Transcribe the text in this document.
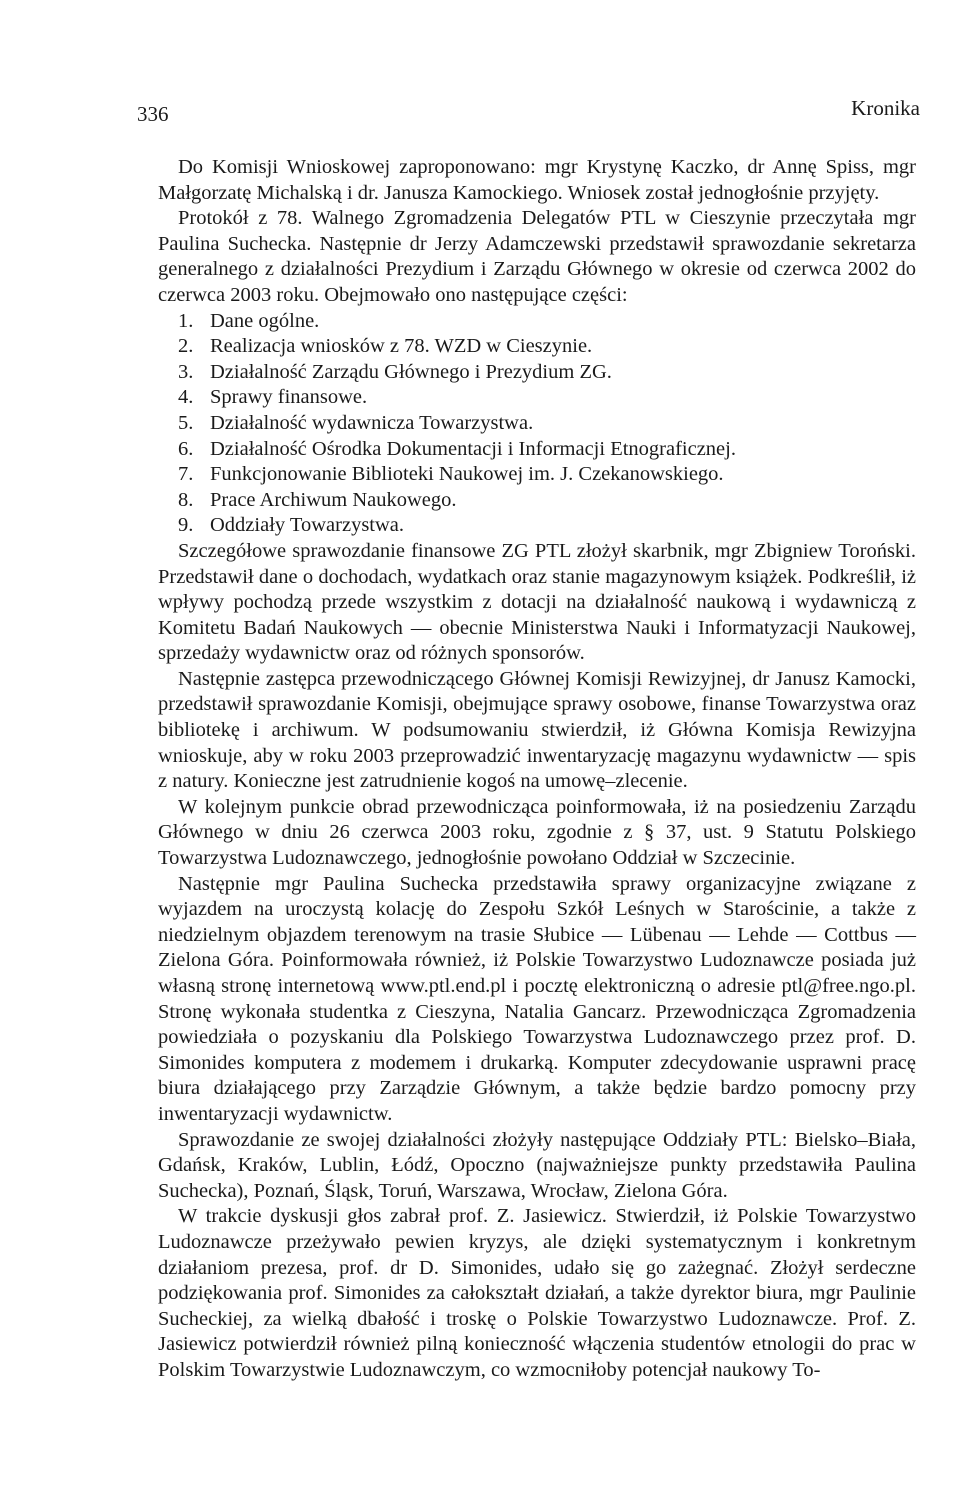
336	Kronika

Do Komisji Wnioskowej zaproponowano: mgr Krystynę Kaczko, dr Annę Spiss, mgr Małgorzatę Michalską i dr. Janusza Kamockiego. Wniosek został jednogłośnie przyjęty.

Protokół z 78. Walnego Zgromadzenia Delegatów PTL w Cieszynie przeczytała mgr Paulina Suchecka. Następnie dr Jerzy Adamczewski przedstawił sprawozdanie sekretarza generalnego z działalności Prezydium i Zarządu Głównego w okresie od czerwca 2002 do czerwca 2003 roku. Obejmowało ono następujące części:

1. Dane ogólne.
2. Realizacja wniosków z 78. WZD w Cieszynie.
3. Działalność Zarządu Głównego i Prezydium ZG.
4. Sprawy finansowe.
5. Działalność wydawnicza Towarzystwa.
6. Działalność Ośrodka Dokumentacji i Informacji Etnograficznej.
7. Funkcjonowanie Biblioteki Naukowej im. J. Czekanowskiego.
8. Prace Archiwum Naukowego.
9. Oddziały Towarzystwa.

Szczegółowe sprawozdanie finansowe ZG PTL złożył skarbnik, mgr Zbigniew Toroński. Przedstawił dane o dochodach, wydatkach oraz stanie magazynowym książek. Podkreślił, iż wpływy pochodzą przede wszystkim z dotacji na działalność naukową i wydawniczą z Komitetu Badań Naukowych — obecnie Ministerstwa Nauki i Informatyzacji Naukowej, sprzedaży wydawnictw oraz od różnych sponsorów.

Następnie zastępca przewodniczącego Głównej Komisji Rewizyjnej, dr Janusz Kamocki, przedstawił sprawozdanie Komisji, obejmujące sprawy osobowe, finanse Towarzystwa oraz bibliotekę i archiwum. W podsumowaniu stwierdził, iż Główna Komisja Rewizyjna wnioskuje, aby w roku 2003 przeprowadzić inwentaryzację magazynu wydawnictw — spis z natury. Konieczne jest zatrudnienie kogoś na umowę–zlecenie.

W kolejnym punkcie obrad przewodnicząca poinformowała, iż na posiedzeniu Zarządu Głównego w dniu 26 czerwca 2003 roku, zgodnie z § 37, ust. 9 Statutu Polskiego Towarzystwa Ludoznawczego, jednogłośnie powołano Oddział w Szczecinie.

Następnie mgr Paulina Suchecka przedstawiła sprawy organizacyjne związane z wyjazdem na uroczystą kolację do Zespołu Szkół Leśnych w Starościnie, a także z niedzielnym objazdem terenowym na trasie Słubice — Lübenau — Lehde — Cottbus — Zielona Góra. Poinformowała również, iż Polskie Towarzystwo Ludoznawcze posiada już własną stronę internetową www.ptl.end.pl i pocztę elektroniczną o adresie ptl@free.ngo.pl. Stronę wykonała studentka z Cieszyna, Natalia Gancarz. Przewodnicząca Zgromadzenia powiedziała o pozyskaniu dla Polskiego Towarzystwa Ludoznawczego przez prof. D. Simonides komputera z modemem i drukarką. Komputer zdecydowanie usprawni pracę biura działającego przy Zarządzie Głównym, a także będzie bardzo pomocny przy inwentaryzacji wydawnictw.

Sprawozdanie ze swojej działalności złożyły następujące Oddziały PTL: Bielsko–Biała, Gdańsk, Kraków, Lublin, Łódź, Opoczno (najważniejsze punkty przedstawiła Paulina Suchecka), Poznań, Śląsk, Toruń, Warszawa, Wrocław, Zielona Góra.

W trakcie dyskusji głos zabrał prof. Z. Jasiewicz. Stwierdził, iż Polskie Towarzystwo Ludoznawcze przeżywało pewien kryzys, ale dzięki systematycznym i konkretnym działaniom prezesa, prof. dr D. Simonides, udało się go zażegnać. Złożył serdeczne podziękowania prof. Simonides za całokształt działań, a także dyrektor biura, mgr Paulinie Sucheckiej, za wielką dbałość i troskę o Polskie Towarzystwo Ludoznawcze. Prof. Z. Jasiewicz potwierdził również pilną konieczność włączenia studentów etnologii do prac w Polskim Towarzystwie Ludoznawczym, co wzmocniłoby potencjał naukowy To-
